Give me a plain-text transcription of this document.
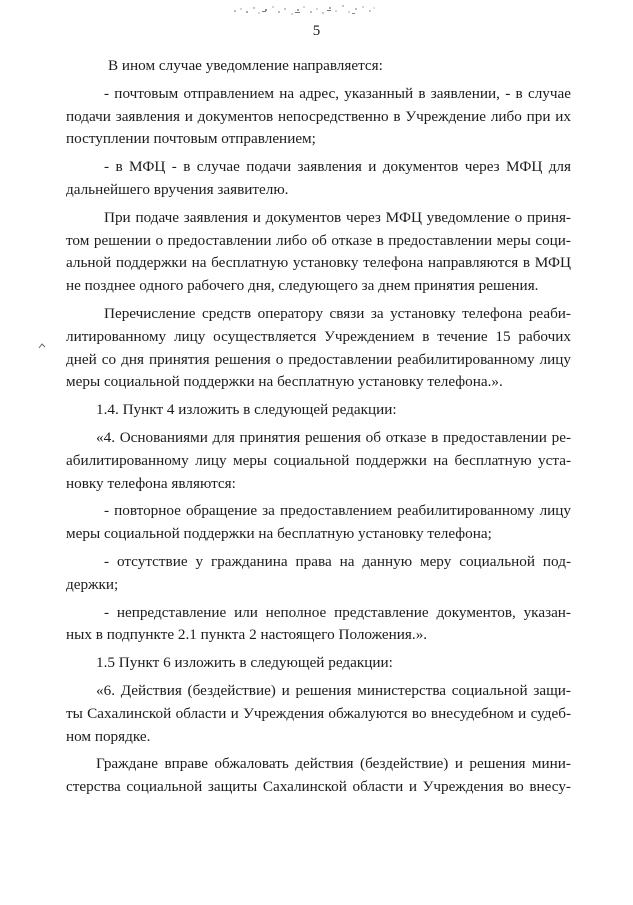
5

В ином случае уведомление направляется:

- почтовым отправлением на адрес, указанный в заявлении, - в случае
подачи заявления и документов непосредственно в Учреждение либо при их
поступлении почтовым отправлением;

- в МФЦ - в случае подачи заявления и документов через МФЦ для
дальнейшего вручения заявителю.

При подаче заявления и документов через МФЦ уведомление о приня-
том решении о предоставлении либо об отказе в предоставлении меры соци-
альной поддержки на бесплатную установку телефона направляются в МФЦ
не позднее одного рабочего дня, следующего за днем принятия решения.

Перечисление средств оператору связи за установку телефона реаби-
литированному лицу осуществляется Учреждением в течение 15 рабочих
дней со дня принятия решения о предоставлении реабилитированному лицу
меры социальной поддержки на бесплатную установку телефона.».

1.4. Пункт 4 изложить в следующей редакции:

«4. Основаниями для принятия решения об отказе в предоставлении ре-
абилитированному лицу меры социальной поддержки на бесплатную уста-
новку телефона являются:

- повторное обращение за предоставлением реабилитированному лицу
меры социальной поддержки на бесплатную установку телефона;

- отсутствие у гражданина права на данную меру социальной под-
держки;

- непредставление или неполное представление документов, указан-
ных в подпункте 2.1 пункта 2 настоящего Положения.».

1.5 Пункт 6 изложить в следующей редакции:

«6. Действия (бездействие) и решения министерства социальной защи-
ты Сахалинской области и Учреждения обжалуются во внесудебном и судеб-
ном порядке.

Граждане вправе обжаловать действия (бездействие) и решения мини-
стерства социальной защиты Сахалинской области и Учреждения во внесу-
